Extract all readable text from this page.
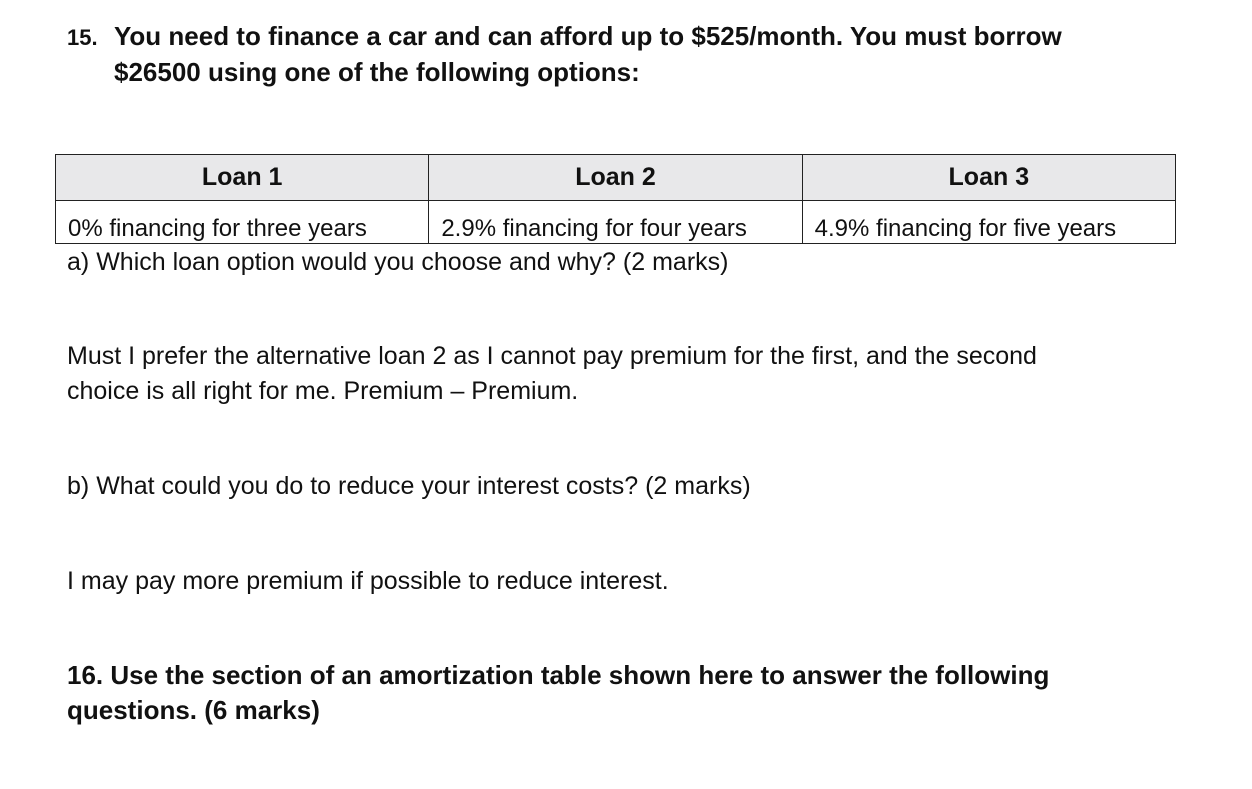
15. You need to finance a car and can afford up to $525/month. You must borrow
$26500 using one of the following options:
Loan 1	Loan 2	Loan 3
0% financing for three years	2.9% financing for four years	4.9% financing for five years
a) Which loan option would you choose and why? (2 marks)
Must I prefer the alternative loan 2 as I cannot pay premium for the first, and the second
choice is all right for me. Premium – Premium.
b) What could you do to reduce your interest costs? (2 marks)
I may pay more premium if possible to reduce interest.
16. Use the section of an amortization table shown here to answer the following
questions. (6 marks)
